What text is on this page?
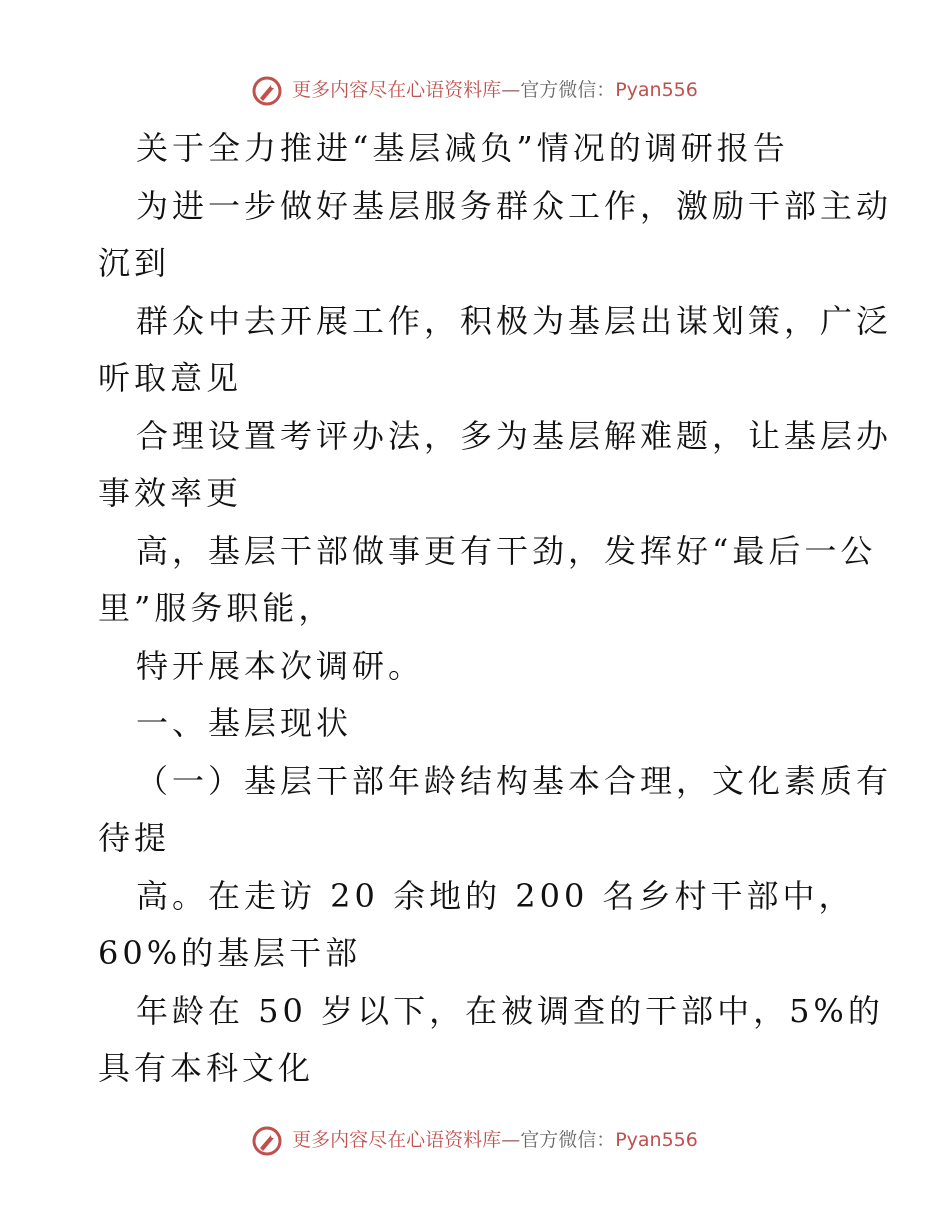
更多内容尽在心语资料库—官方微信：Pyan556
关于全力推进“基层减负”情况的调研报告
为进一步做好基层服务群众工作，激励干部主动
沉到
群众中去开展工作，积极为基层出谋划策，广泛
听取意见
合理设置考评办法，多为基层解难题，让基层办
事效率更
高，基层干部做事更有干劲，发挥好“最后一公
里”服务职能，
特开展本次调研。
一、基层现状
（一）基层干部年龄结构基本合理，文化素质有
待提
高。在走访 20 余地的 200 名乡村干部中，
60%的基层干部
年龄在 50 岁以下，在被调查的干部中，5%的
具有本科文化
更多内容尽在心语资料库—官方微信：Pyan556
